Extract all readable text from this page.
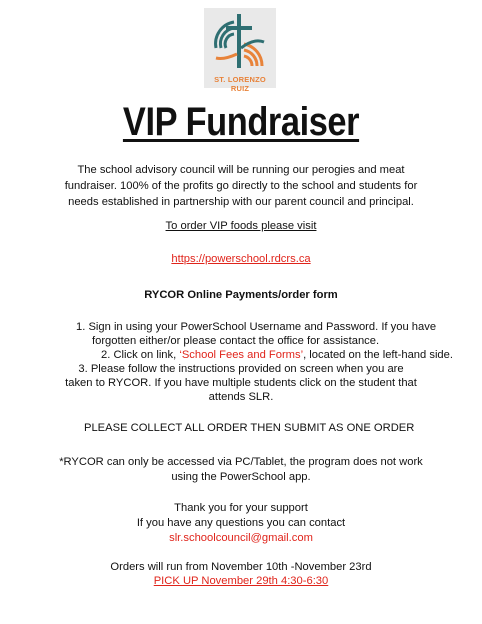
ST. LORENZO RUIZ
VIP Fundraiser
The school advisory council will be running our perogies and meat
fundraiser. 100% of the profits go directly to the school and students for
needs established in partnership with our parent council and principal.
To order VIP foods please visit
https://powerschool.rdcrs.ca
RYCOR Online Payments/order form
1. Sign in using your PowerSchool Username and Password. If you have
forgotten either/or please contact the office for assistance.
2. Click on link, ‘School Fees and Forms’, located on the left-hand side.
3. Please follow the instructions provided on screen when you are
taken to RYCOR. If you have multiple students click on the student that
attends SLR.
PLEASE COLLECT ALL ORDER THEN SUBMIT AS ONE ORDER
*RYCOR can only be accessed via PC/Tablet, the program does not work
using the PowerSchool app.
Thank you for your support
If you have any questions you can contact
slr.schoolcouncil@gmail.com
Orders will run from November 10th -November 23rd
PICK UP November 29th 4:30-6:30
